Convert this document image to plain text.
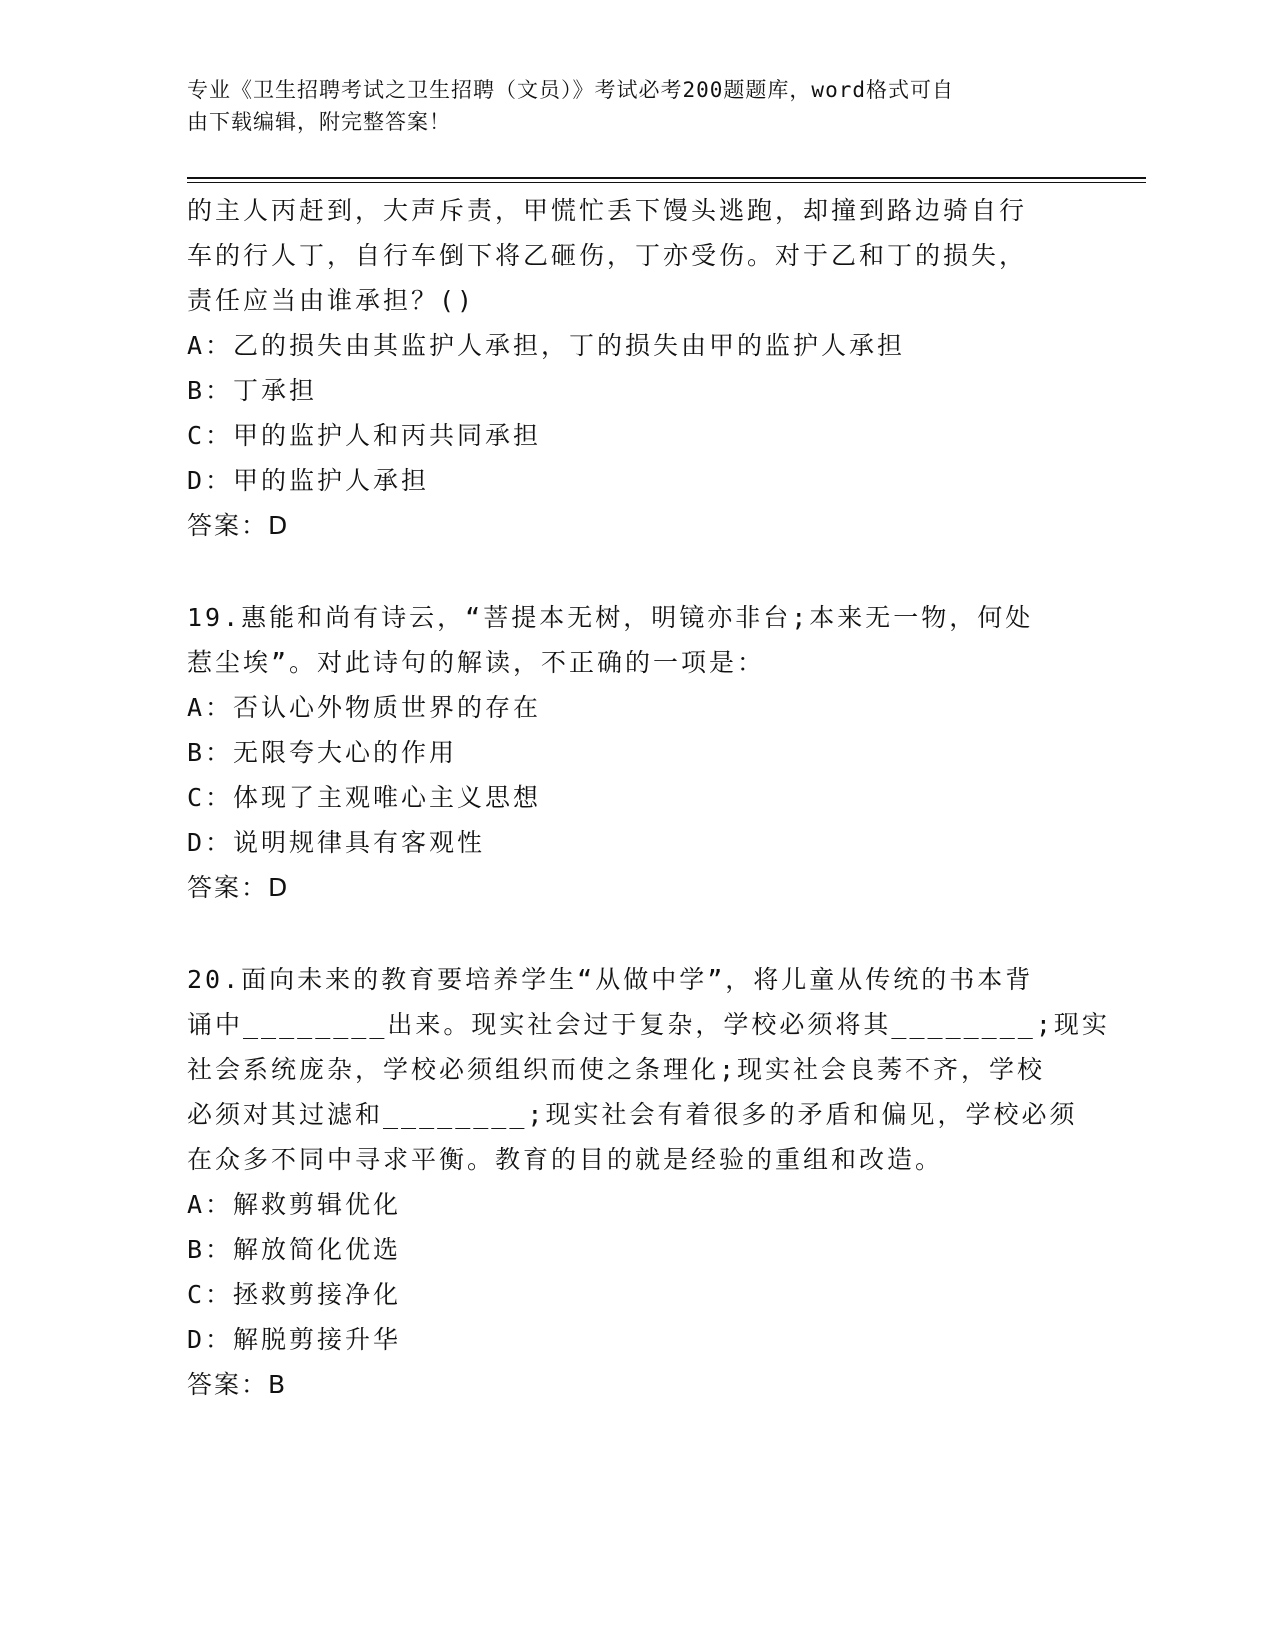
专业《卫生招聘考试之卫生招聘（文员）》考试必考200题题库，word格式可自
由下载编辑，附完整答案！
的主人丙赶到，大声斥责，甲慌忙丢下馒头逃跑，却撞到路边骑自行
车的行人丁，自行车倒下将乙砸伤，丁亦受伤。对于乙和丁的损失，
责任应当由谁承担？()
A：乙的损失由其监护人承担，丁的损失由甲的监护人承担
B：丁承担
C：甲的监护人和丙共同承担
D：甲的监护人承担
答案：D
19.惠能和尚有诗云，“菩提本无树，明镜亦非台;本来无一物，何处
惹尘埃”。对此诗句的解读，不正确的一项是：
A：否认心外物质世界的存在
B：无限夸大心的作用
C：体现了主观唯心主义思想
D：说明规律具有客观性
答案：D
20.面向未来的教育要培养学生“从做中学”，将儿童从传统的书本背
诵中________出来。现实社会过于复杂，学校必须将其________;现实
社会系统庞杂，学校必须组织而使之条理化;现实社会良莠不齐，学校
必须对其过滤和________;现实社会有着很多的矛盾和偏见，学校必须
在众多不同中寻求平衡。教育的目的就是经验的重组和改造。
A：解救剪辑优化
B：解放简化优选
C：拯救剪接净化
D：解脱剪接升华
答案：B
